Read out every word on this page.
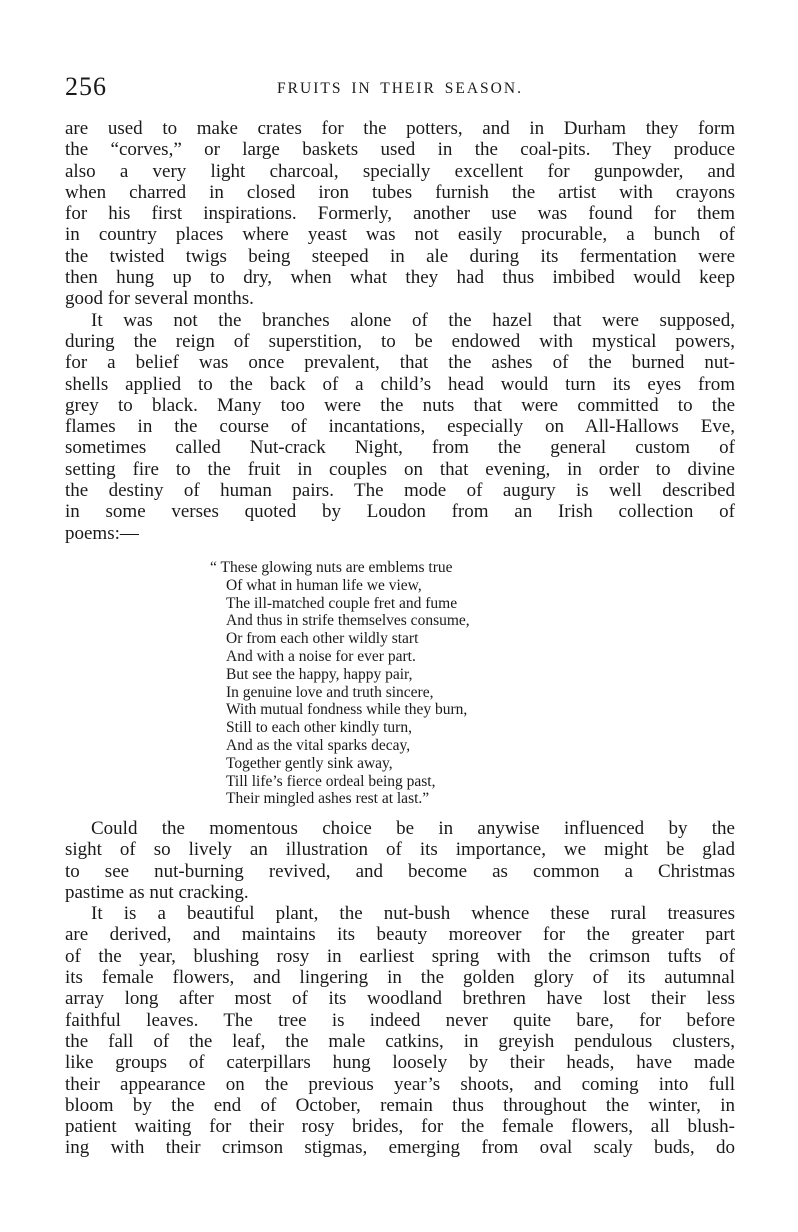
256	FRUITS IN THEIR SEASON.
are used to make crates for the potters, and in Durham they form
the “corves,” or large baskets used in the coal-pits. They produce
also a very light charcoal, specially excellent for gunpowder, and
when charred in closed iron tubes furnish the artist with crayons
for his first inspirations. Formerly, another use was found for them
in country places where yeast was not easily procurable, a bunch of
the twisted twigs being steeped in ale during its fermentation were
then hung up to dry, when what they had thus imbibed would keep
good for several months.
It was not the branches alone of the hazel that were supposed,
during the reign of superstition, to be endowed with mystical powers,
for a belief was once prevalent, that the ashes of the burned nut-
shells applied to the back of a child’s head would turn its eyes from
grey to black. Many too were the nuts that were committed to the
flames in the course of incantations, especially on All-Hallows Eve,
sometimes called Nut-crack Night, from the general custom of
setting fire to the fruit in couples on that evening, in order to divine
the destiny of human pairs. The mode of augury is well described
in some verses quoted by Loudon from an Irish collection of
poems:—
“ These glowing nuts are emblems true
Of what in human life we view,
The ill-matched couple fret and fume
And thus in strife themselves consume,
Or from each other wildly start
And with a noise for ever part.
But see the happy, happy pair,
In genuine love and truth sincere,
With mutual fondness while they burn,
Still to each other kindly turn,
And as the vital sparks decay,
Together gently sink away,
Till life’s fierce ordeal being past,
Their mingled ashes rest at last.”
Could the momentous choice be in anywise influenced by the
sight of so lively an illustration of its importance, we might be glad
to see nut-burning revived, and become as common a Christmas
pastime as nut cracking.
It is a beautiful plant, the nut-bush whence these rural treasures
are derived, and maintains its beauty moreover for the greater part
of the year, blushing rosy in earliest spring with the crimson tufts of
its female flowers, and lingering in the golden glory of its autumnal
array long after most of its woodland brethren have lost their less
faithful leaves. The tree is indeed never quite bare, for before
the fall of the leaf, the male catkins, in greyish pendulous clusters,
like groups of caterpillars hung loosely by their heads, have made
their appearance on the previous year’s shoots, and coming into full
bloom by the end of October, remain thus throughout the winter, in
patient waiting for their rosy brides, for the female flowers, all blush-
ing with their crimson stigmas, emerging from oval scaly buds, do
